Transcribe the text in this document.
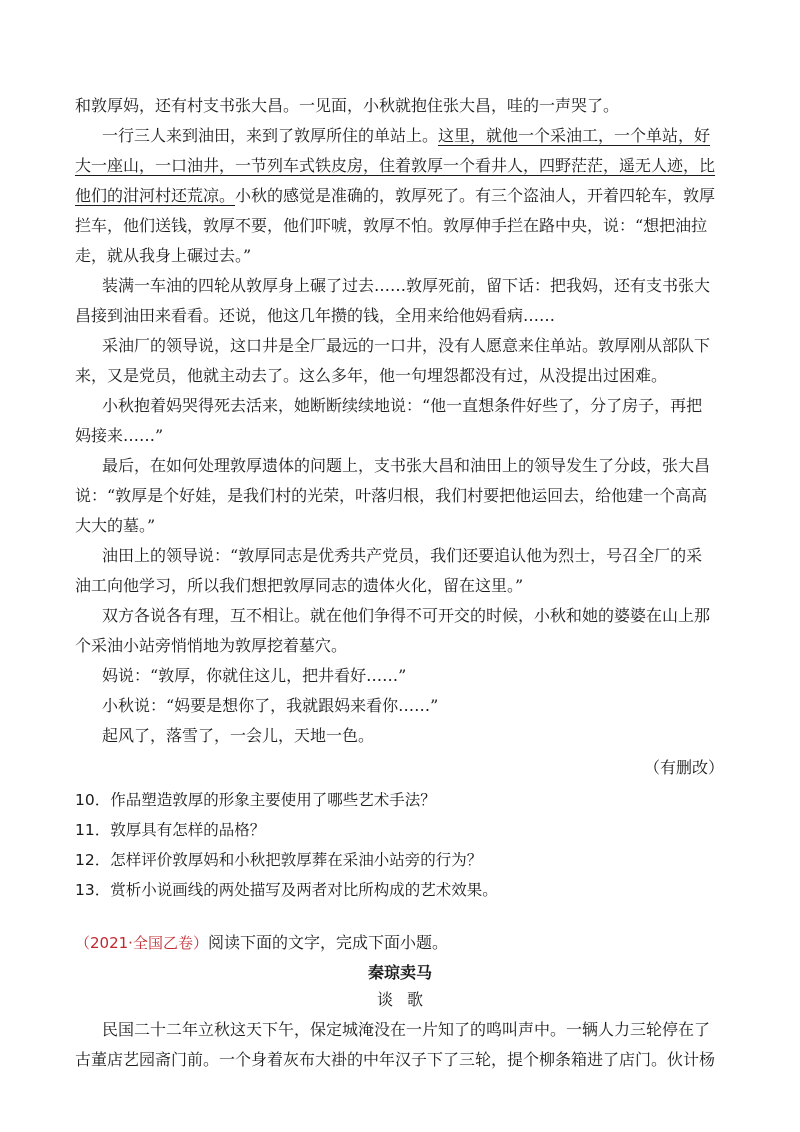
和敦厚妈，还有村支书张大昌。一见面，小秋就抱住张大昌，哇的一声哭了。
一行三人来到油田，来到了敦厚所住的单站上。这里，就他一个采油工，一个单站，好
大一座山，一口油井，一节列车式铁皮房，住着敦厚一个看井人，四野茫茫，遥无人迹，比
他们的泔河村还荒凉。小秋的感觉是准确的，敦厚死了。有三个盗油人，开着四轮车，敦厚
拦车，他们送钱，敦厚不要，他们吓唬，敦厚不怕。敦厚伸手拦在路中央，说：“想把油拉
走，就从我身上碾过去。”
装满一车油的四轮从敦厚身上碾了过去……敦厚死前，留下话：把我妈，还有支书张大
昌接到油田来看看。还说，他这几年攒的钱，全用来给他妈看病……
采油厂的领导说，这口井是全厂最远的一口井，没有人愿意来住单站。敦厚刚从部队下
来，又是党员，他就主动去了。这么多年，他一句埋怨都没有过，从没提出过困难。
小秋抱着妈哭得死去活来，她断断续续地说：“他一直想条件好些了，分了房子，再把
妈接来……”
最后，在如何处理敦厚遗体的问题上，支书张大昌和油田上的领导发生了分歧，张大昌
说：“敦厚是个好娃，是我们村的光荣，叶落归根，我们村要把他运回去，给他建一个高高
大大的墓。”
油田上的领导说：“敦厚同志是优秀共产党员，我们还要追认他为烈士，号召全厂的采
油工向他学习，所以我们想把敦厚同志的遗体火化，留在这里。”
双方各说各有理，互不相让。就在他们争得不可开交的时候，小秋和她的婆婆在山上那
个采油小站旁悄悄地为敦厚挖着墓穴。
妈说：“敦厚，你就住这儿，把井看好……”
小秋说：“妈要是想你了，我就跟妈来看你……”
起风了，落雪了，一会儿，天地一色。
（有删改）
10．作品塑造敦厚的形象主要使用了哪些艺术手法？
11．敦厚具有怎样的品格？
12．怎样评价敦厚妈和小秋把敦厚葬在采油小站旁的行为？
13．赏析小说画线的两处描写及两者对比所构成的艺术效果。
（2021·全国乙卷）阅读下面的文字，完成下面小题。
秦琼卖马
谈歌
民国二十二年立秋这天下午，保定城淹没在一片知了的鸣叫声中。一辆人力三轮停在了
古董店艺园斋门前。一个身着灰布大褂的中年汉子下了三轮，提个柳条箱进了店门。伙计杨
